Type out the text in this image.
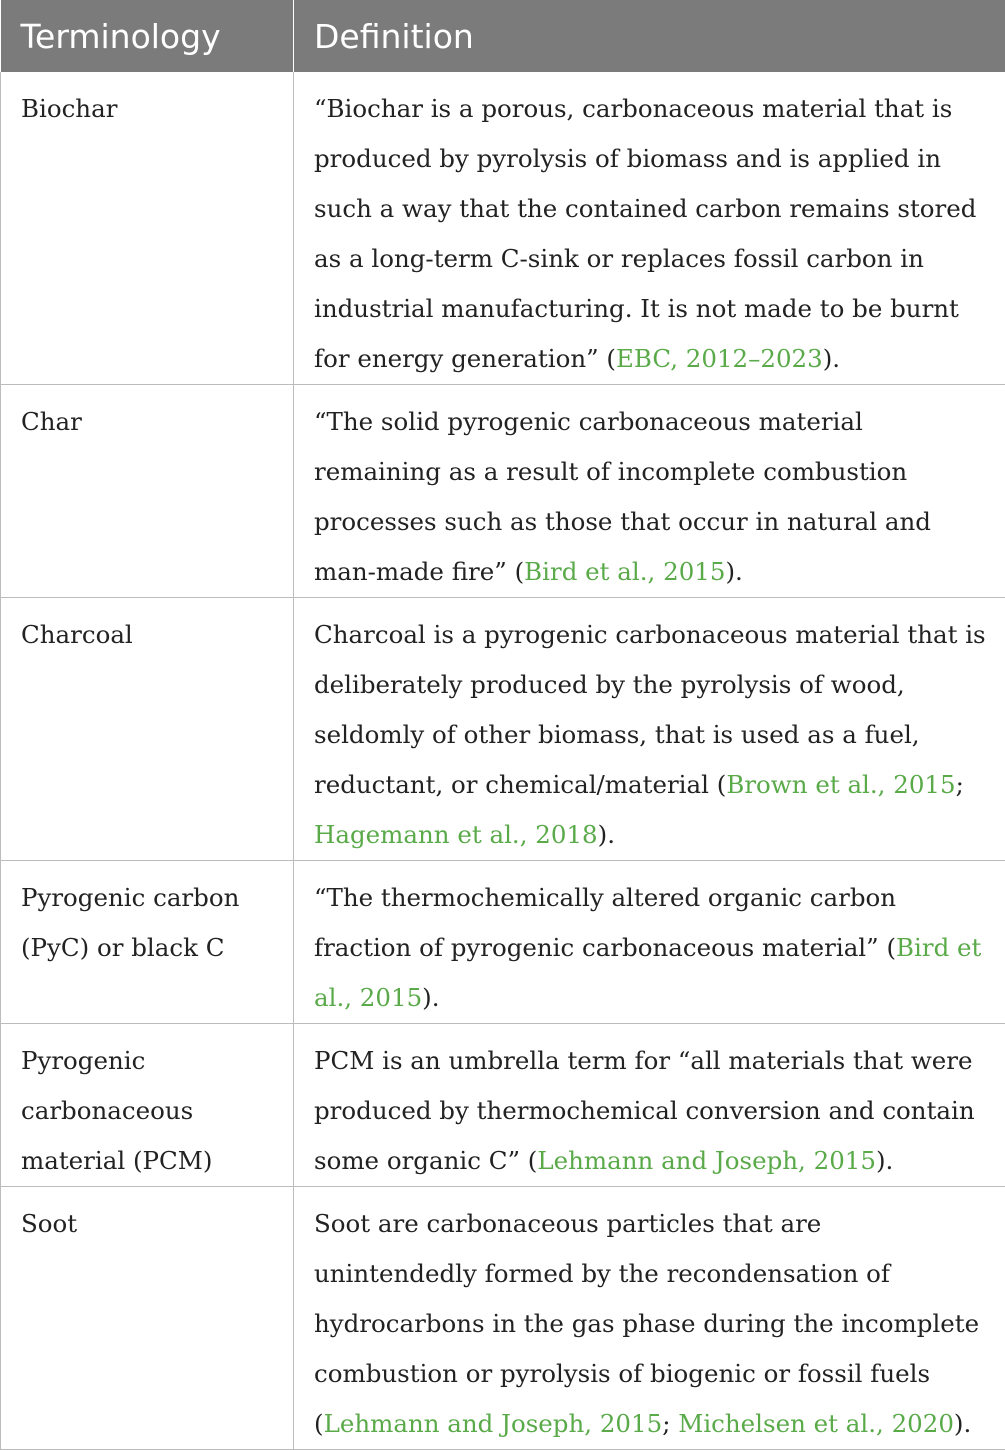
Terminology	Definition
Biochar	“Biochar is a porous, carbonaceous material that is produced by pyrolysis of biomass and is applied in such a way that the contained carbon remains stored as a long-term C-sink or replaces fossil carbon in industrial manufacturing. It is not made to be burnt for energy generation” (EBC, 2012–2023).
Char	“The solid pyrogenic carbonaceous material remaining as a result of incomplete combustion processes such as those that occur in natural and man-made fire” (Bird et al., 2015).
Charcoal	Charcoal is a pyrogenic carbonaceous material that is deliberately produced by the pyrolysis of wood, seldomly of other biomass, that is used as a fuel, reductant, or chemical/material (Brown et al., 2015; Hagemann et al., 2018).
Pyrogenic carbon (PyC) or black C	“The thermochemically altered organic carbon fraction of pyrogenic carbonaceous material” (Bird et al., 2015).
Pyrogenic carbonaceous material (PCM)	PCM is an umbrella term for “all materials that were produced by thermochemical conversion and contain some organic C” (Lehmann and Joseph, 2015).
Soot	Soot are carbonaceous particles that are unintendedly formed by the recondensation of hydrocarbons in the gas phase during the incomplete combustion or pyrolysis of biogenic or fossil fuels (Lehmann and Joseph, 2015; Michelsen et al., 2020).
